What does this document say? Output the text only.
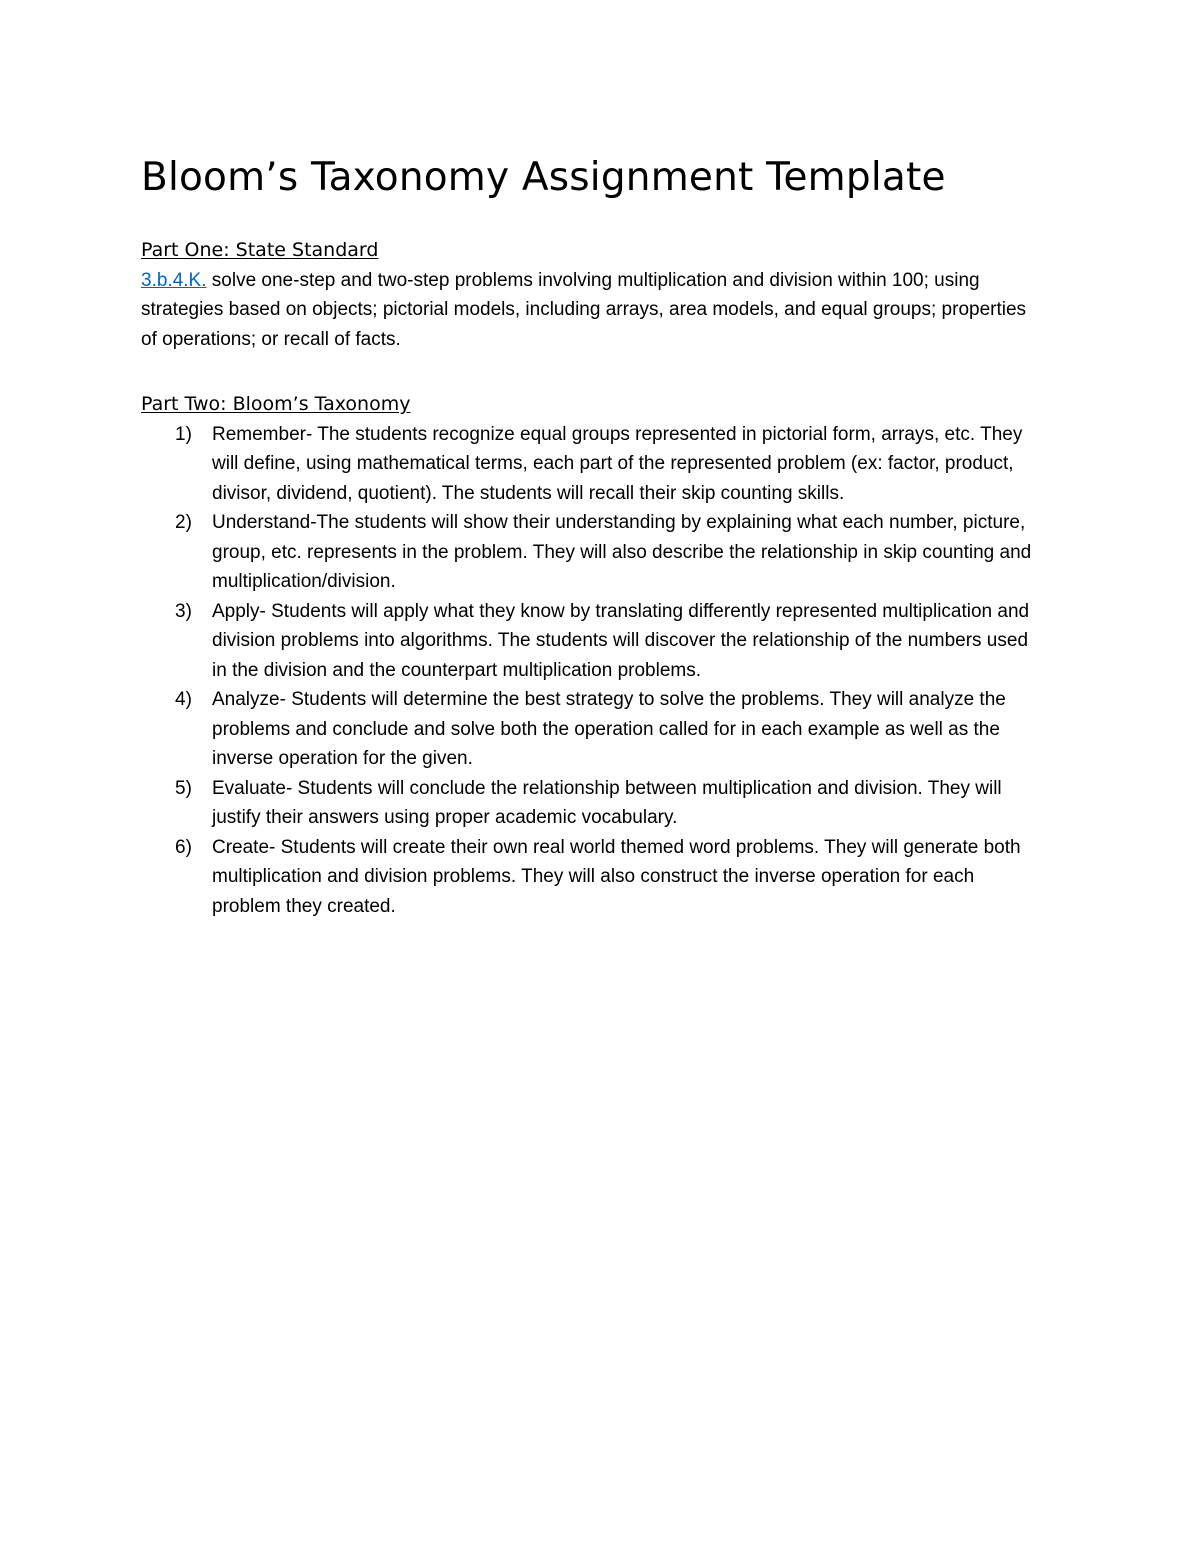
Bloom’s Taxonomy Assignment Template

Part One: State Standard

3.b.4.K. solve one-step and two-step problems involving multiplication and division within 100; using strategies based on objects; pictorial models, including arrays, area models, and equal groups; properties of operations; or recall of facts.

Part Two: Bloom’s Taxonomy

1) Remember- The students recognize equal groups represented in pictorial form, arrays, etc. They will define, using mathematical terms, each part of the represented problem (ex: factor, product, divisor, dividend, quotient). The students will recall their skip counting skills.
2) Understand-The students will show their understanding by explaining what each number, picture, group, etc. represents in the problem. They will also describe the relationship in skip counting and multiplication/division.
3) Apply- Students will apply what they know by translating differently represented multiplication and division problems into algorithms. The students will discover the relationship of the numbers used in the division and the counterpart multiplication problems.
4) Analyze- Students will determine the best strategy to solve the problems. They will analyze the problems and conclude and solve both the operation called for in each example as well as the inverse operation for the given.
5) Evaluate- Students will conclude the relationship between multiplication and division. They will justify their answers using proper academic vocabulary.
6) Create- Students will create their own real world themed word problems. They will generate both multiplication and division problems. They will also construct the inverse operation for each problem they created.
